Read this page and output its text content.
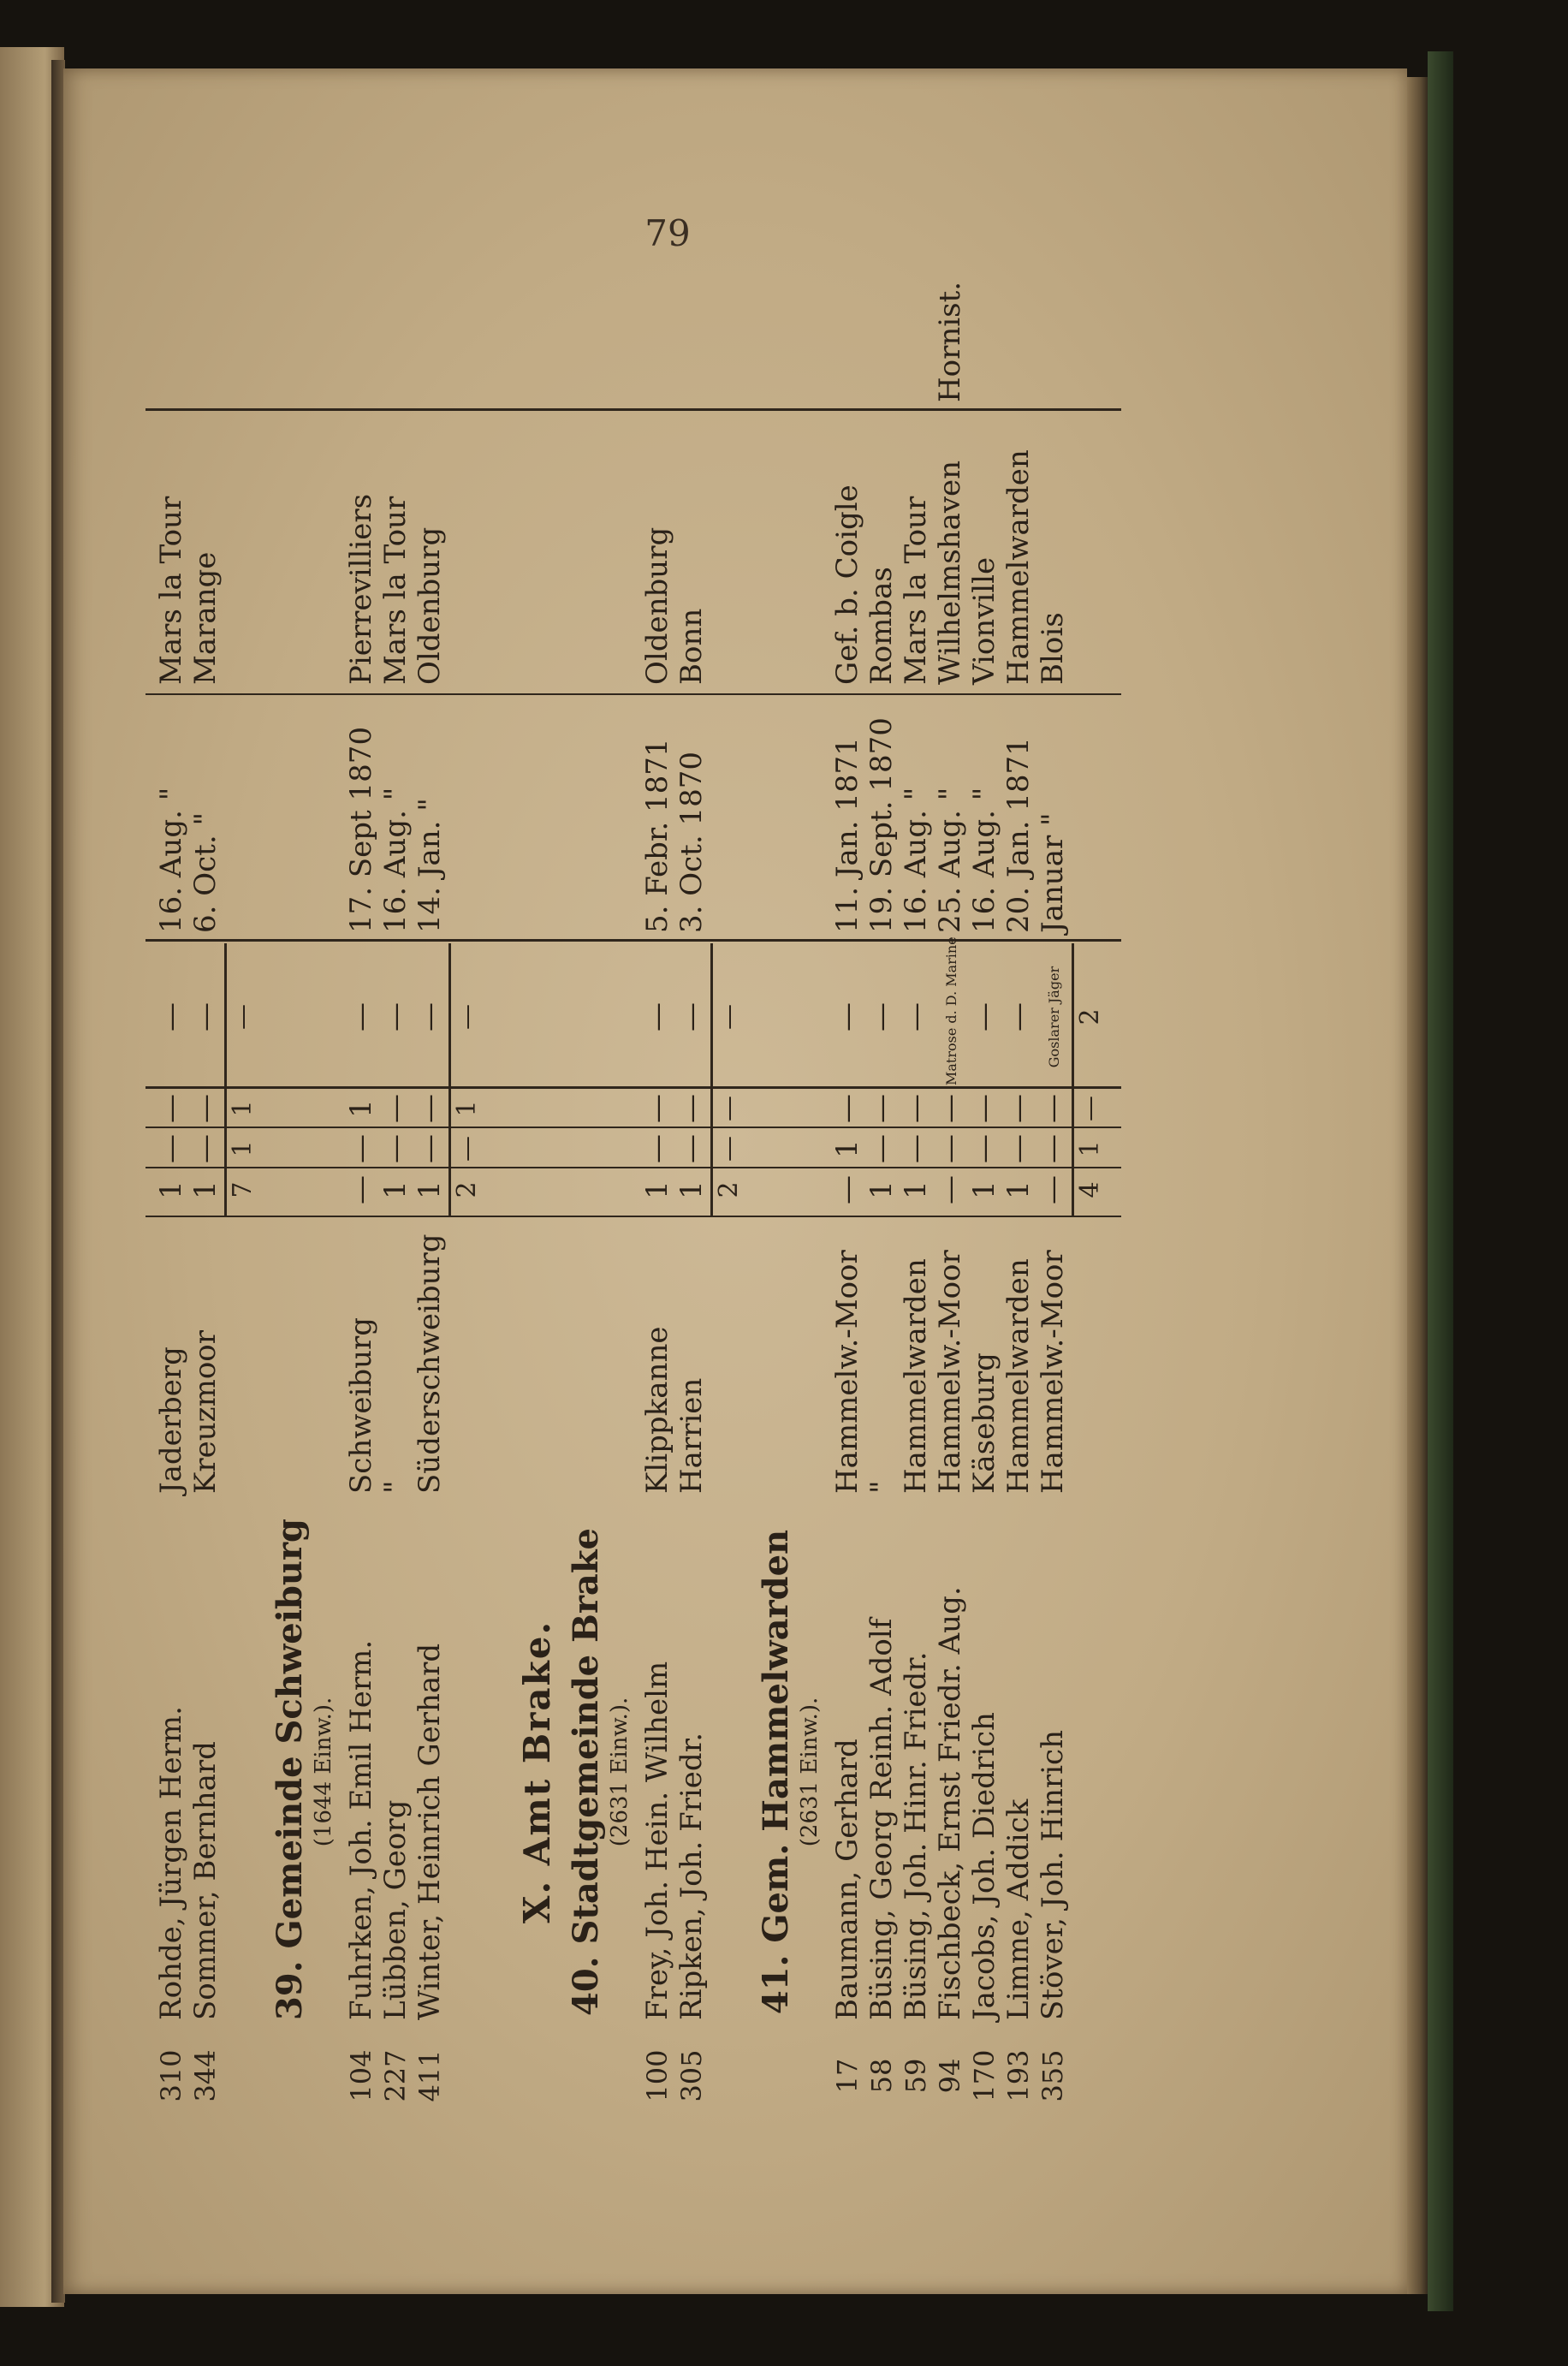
79
310
Rohde, Jürgen Herm.
Jaderberg
1
—
—
—
16. Aug. "
Mars la Tour
344
Sommer, Bernhard
Kreuzmoor
1
—
—
—
6. Oct. "
Marange
7
1
1
—
39. Gemeinde Schweiburg (1644 Einw.).
104
Fuhrken, Joh. Emil Herm.
Schweiburg
—
—
1
—
17. Sept 1870
Pierrevilliers
227
Lübben, Georg
"
1
—
—
—
16. Aug. "
Mars la Tour
411
Winter, Heinrich Gerhard
Süderschweiburg
1
—
—
—
14. Jan. "
Oldenburg
2
—
1
—
X. Amt Brake. 40. Stadtgemeinde Brake (2631 Einw.).
100
Frey, Joh. Hein. Wilhelm
Klippkanne
1
—
—
—
5. Febr. 1871
Oldenburg
305
Ripken, Joh. Friedr.
Harrien
1
—
—
—
3. Oct. 1870
Bonn
2
—
—
—
41. Gem. Hammelwarden (2631 Einw.).
17
Baumann, Gerhard
Hammelw.-Moor
—
1
—
—
11. Jan. 1871
Gef. b. Coigle
58
Büsing, Georg Reinh. Adolf
"
1
—
—
—
19. Sept. 1870
Rombas
59
Büsing, Joh. Hinr. Friedr.
Hammelwarden
1
—
—
—
16. Aug. "
Mars la Tour
94
Fischbeck, Ernst Friedr. Aug.
Hammelw.-Moor
—
—
—
Matrose d. D. Marine
25. Aug. "
Wilhelmshaven
Hornist.
170
Jacobs, Joh. Diedrich
Käseburg
1
—
—
—
16. Aug. "
Vionville
193
Limme, Addick
Hammelwarden
1
—
—
—
20. Jan. 1871
Hammelwarden
355
Stöver, Joh. Hinrich
Hammelw.-Moor
—
—
—
Goslarer Jäger
Januar "
Blois
4
1
—
2
